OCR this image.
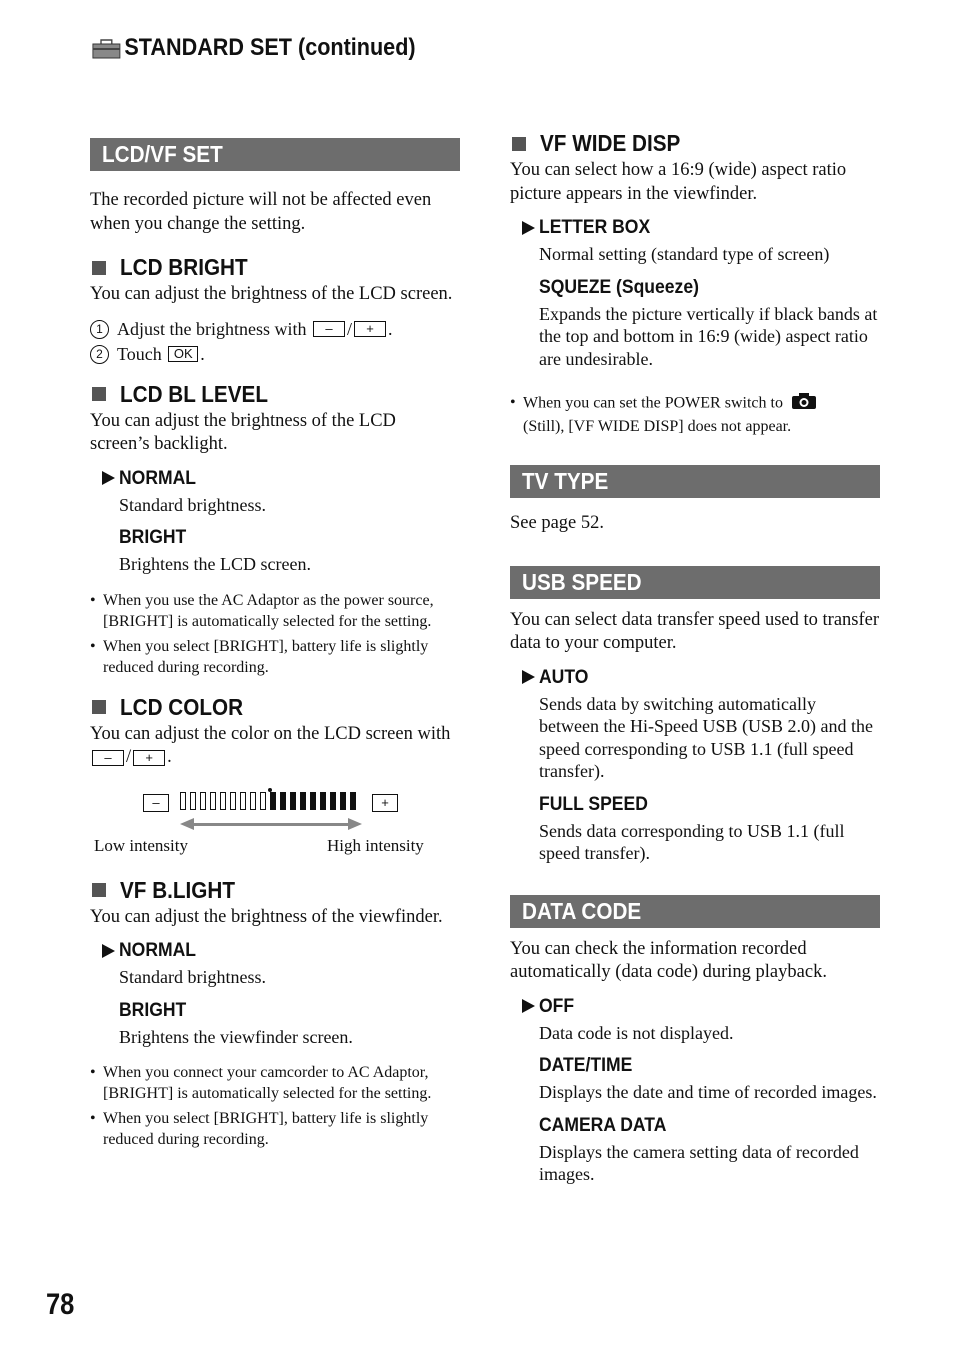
STANDARD SET (continued)
LCD/VF SET

The recorded picture will not be affected even when you change the setting.

LCD BRIGHT

You can adjust the brightness of the LCD screen.

1 Adjust the brightness with
	– /	+ .

2 Touch
OK .

LCD BL LEVEL

You can adjust the brightness of the LCD screen’s backlight.

NORMAL

Standard brightness.

BRIGHT

Brightens the LCD screen.

• When you use the AC Adaptor as the power source, [BRIGHT] is automatically selected for the setting.
• When you select [BRIGHT], battery life is slightly reduced during recording.
LCD COLOR

You can adjust the color on the LCD screen with – / + .

–	+
Low intensity	High intensity
VF B.LIGHT

You can adjust the brightness of the viewfinder.

NORMAL

Standard brightness.

BRIGHT

Brightens the viewfinder screen.

• When you connect your camcorder to AC Adaptor, [BRIGHT] is automatically selected for the setting.
• When you select [BRIGHT], battery life is slightly reduced during recording.
VF WIDE DISP

You can select how a 16:9 (wide) aspect ratio picture appears in the viewfinder.

LETTER BOX

Normal setting (standard type of screen)

SQUEZE (Squeeze)

Expands the picture vertically if black bands at the top and bottom in 16:9 (wide) aspect ratio are undesirable.

• When you can set the POWER switch to
(Still), [VF WIDE DISP] does not appear.
TV TYPE

See page 52.

USB SPEED

You can select data transfer speed used to transfer data to your computer.

AUTO

Sends data by switching automatically between the Hi-Speed USB (USB 2.0) and the speed corresponding to USB 1.1 (full speed transfer).

FULL SPEED

Sends data corresponding to USB 1.1 (full speed transfer).

DATA CODE

You can check the information recorded automatically (data code) during playback.

OFF

Data code is not displayed.

DATE/TIME

Displays the date and time of recorded images.

CAMERA DATA

Displays the camera setting data of recorded images.

78
